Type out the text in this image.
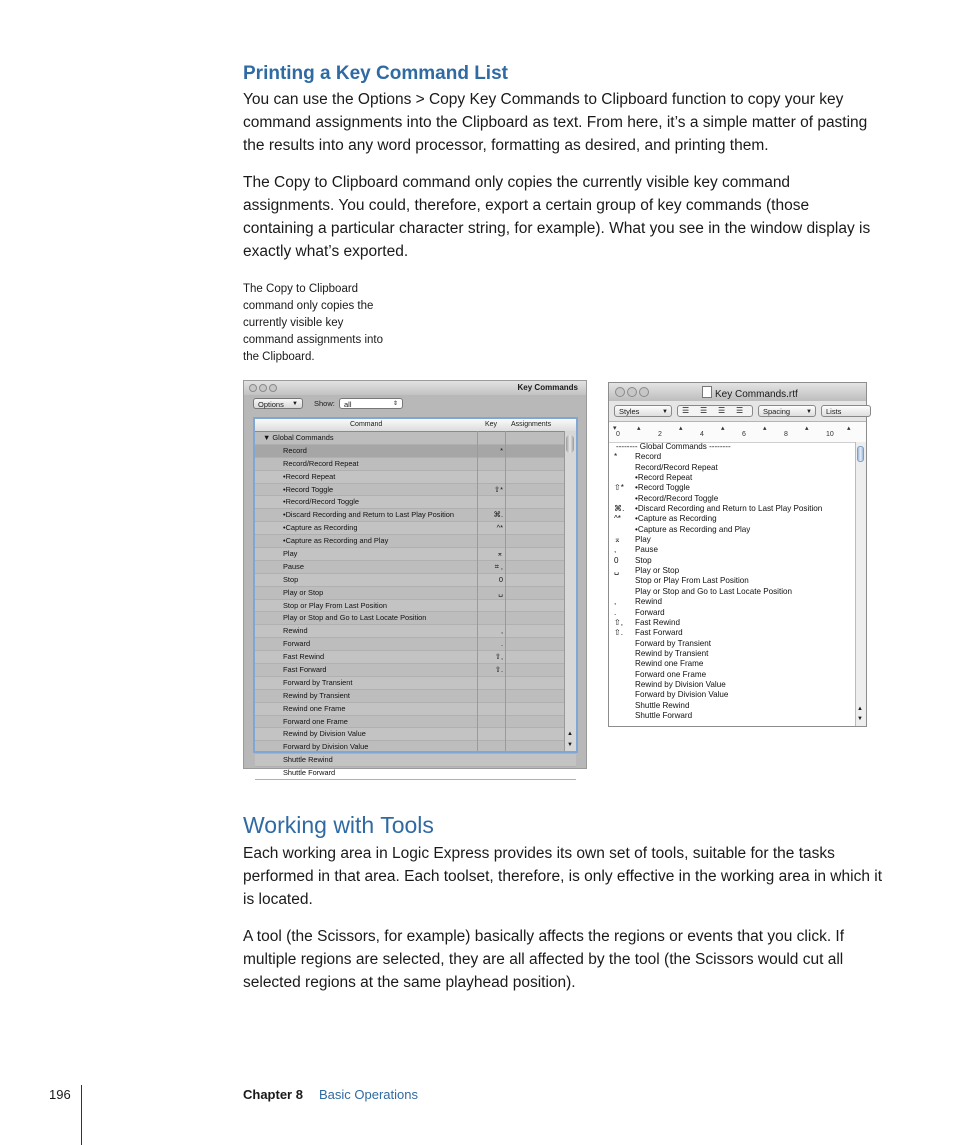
Printing a Key Command List
You can use the Options > Copy Key Commands to Clipboard function to copy your key command assignments into the Clipboard as text. From here, it’s a simple matter of pasting the results into any word processor, formatting as desired, and printing them.
The Copy to Clipboard command only copies the currently visible key command assignments. You could, therefore, export a certain group of key commands (those containing a particular character string, for example). What you see in the window display is exactly what’s exported.
The Copy to Clipboard command only copies the currently visible key command assignments into the Clipboard.
Key Commands
Options ▼ Show:	all	⇕
Command	Key Assignments
▼ Global Commands
Record	*
Record/Record Repeat
•Record Repeat
•Record Toggle	⇧*
•Record/Record Toggle
•Discard Recording and Return to Last Play Position	⌘.
•Capture as Recording	^*
•Capture as Recording and Play
Play	⌅
Pause	⌗ ,
Stop	0
Play or Stop	␣
Stop or Play From Last Position
Play or Stop and Go to Last Locate Position
Rewind	,
Forward	.
Fast Rewind	⇧,
Fast Forward	⇧.
Forward by Transient
Rewind by Transient
Rewind one Frame
Forward one Frame
Rewind by Division Value
Forward by Division Value
Shuttle Rewind
Shuttle Forward
▲
▼
Key Commands.rtf
Styles	▼ ☰ ☰ ☰ ☰	Spacing	▼	Lists
▾
0	2	4	6	8	10
▴	▴	▴	▴	▴	▴
-------- Global Commands --------
* Record
Record/Record Repeat
•Record Repeat
⇧* •Record Toggle
•Record/Record Toggle
⌘. •Discard Recording and Return to Last Play Position
^* •Capture as Recording
•Capture as Recording and Play
⌅ Play
, Pause
0 Stop
␣ Play or Stop
Stop or Play From Last Position
Play or Stop and Go to Last Locate Position
, Rewind
. Forward
⇧, Fast Rewind
⇧. Fast Forward
Forward by Transient
Rewind by Transient
Rewind one Frame
Forward one Frame
Rewind by Division Value
Forward by Division Value
Shuttle Rewind
Shuttle Forward
▲
▼
Working with Tools
Each working area in Logic Express provides its own set of tools, suitable for the tasks performed in that area. Each toolset, therefore, is only effective in the working area in which it is located.
A tool (the Scissors, for example) basically affects the regions or events that you click. If multiple regions are selected, they are all affected by the tool (the Scissors would cut all selected regions at the same playhead position).
196	Chapter 8 Basic Operations
